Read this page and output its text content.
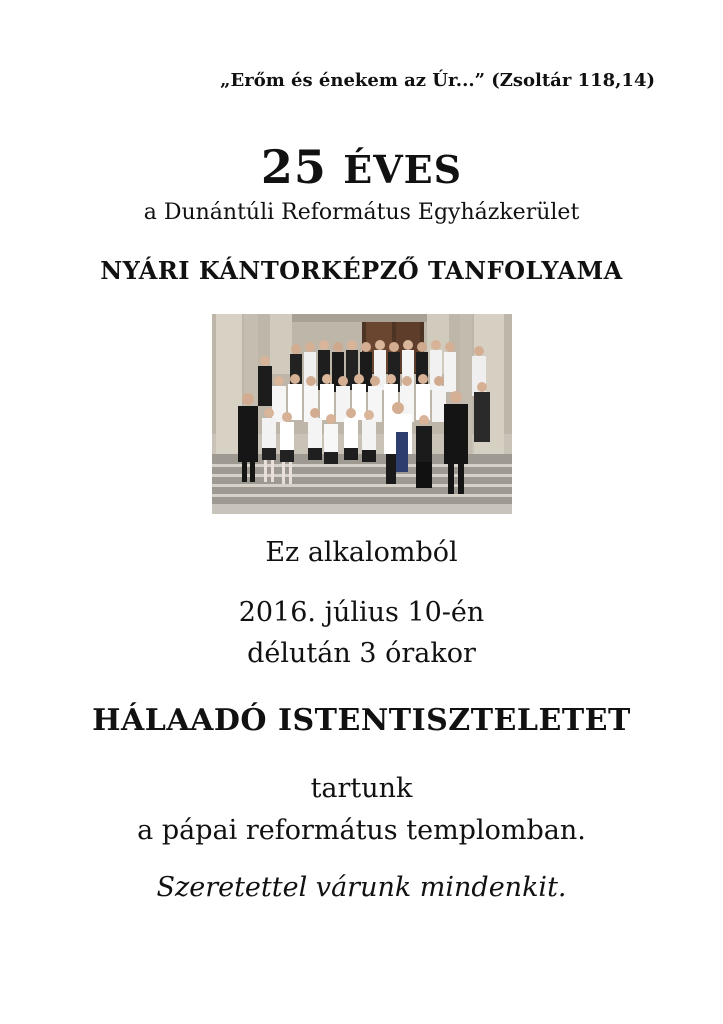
„Erőm és énekem az Úr...” (Zsoltár 118,14)
25 ÉVES
a Dunántúli Református Egyházkerület
NYÁRI KÁNTORKÉPZŐ TANFOLYAMA
Ez alkalomból
2016. július 10-én
délután 3 órakor
HÁLAADÓ ISTENTISZTELETET
tartunk
a pápai református templomban.
Szeretettel várunk mindenkit.
